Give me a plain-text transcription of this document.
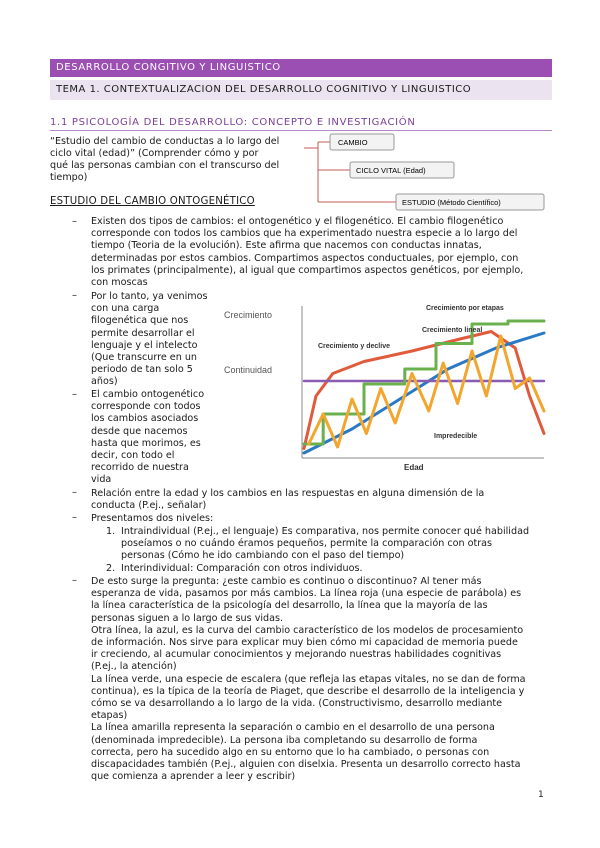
DESARROLLO CONGITIVO Y LINGUISTICO
TEMA 1. CONTEXTUALIZACION DEL DESARROLLO COGNITIVO Y LINGUISTICO
1.1 PSICOLOGÍA DEL DESARROLLO: CONCEPTO E INVESTIGACIÓN
“Estudio del cambio de conductas a lo largo del
ciclo vital (edad)” (Comprender cómo y por
qué las personas cambian con el transcurso del
tiempo)
CAMBIO
CICLO VITAL (Edad)
ESTUDIO (Método Científico)
ESTUDIO DEL CAMBIO ONTOGENÉTICO
– Existen dos tipos de cambios: el ontogenético y el filogenético. El cambio filogenético
corresponde con todos los cambios que ha experimentado nuestra especie a lo largo del
tiempo (Teoria de la evolución). Este afirma que nacemos con conductas innatas,
determinadas por estos cambios. Compartimos aspectos conductuales, por ejemplo, con
los primates (principalmente), al igual que compartimos aspectos genéticos, por ejemplo,
con moscas
– Por lo tanto, ya venimos
con una carga
filogenética que nos
permite desarrollar el
lenguaje y el intelecto
(Que transcurre en un
periodo de tan solo 5
años)
– El cambio ontogenético
corresponde con todos
los cambios asociados
desde que nacemos
hasta que morimos, es
decir, con todo el
recorrido de nuestra
vida
Crecimiento
Continuidad
Edad
Crecimiento por etapas
Crecimiento lineal
Crecimiento y declive
Impredecible
– Relación entre la edad y los cambios en las respuestas en alguna dimensión de la
conducta (P.ej., señalar)
– Presentamos dos niveles:
1. Intraindividual (P.ej., el lenguaje) Es comparativa, nos permite conocer qué habilidad
poseíamos o no cuándo éramos pequeños, permite la comparación con otras
personas (Cómo he ido cambiando con el paso del tiempo)
2. Interindividual: Comparación con otros individuos.
– De esto surge la pregunta: ¿este cambio es continuo o discontinuo? Al tener más
esperanza de vida, pasamos por más cambios. La línea roja (una especie de parábola) es
la línea característica de la psicología del desarrollo, la línea que la mayoría de las
personas siguen a lo largo de sus vidas.
Otra línea, la azul, es la curva del cambio característico de los modelos de procesamiento
de información. Nos sirve para explicar muy bien cómo mi capacidad de memoria puede
ir creciendo, al acumular conocimientos y mejorando nuestras habilidades cognitivas
(P.ej., la atención)
La línea verde, una especie de escalera (que refleja las etapas vitales, no se dan de forma
continua), es la típica de la teoría de Piaget, que describe el desarrollo de la inteligencia y
cómo se va desarrollando a lo largo de la vida. (Constructivismo, desarrollo mediante
etapas)
La línea amarilla representa la separación o cambio en el desarrollo de una persona
(denominada impredecible). La persona iba completando su desarrollo de forma
correcta, pero ha sucedido algo en su entorno que lo ha cambiado, o personas con
discapacidades también (P.ej., alguien con diselxia. Presenta un desarrollo correcto hasta
que comienza a aprender a leer y escribir)
1
